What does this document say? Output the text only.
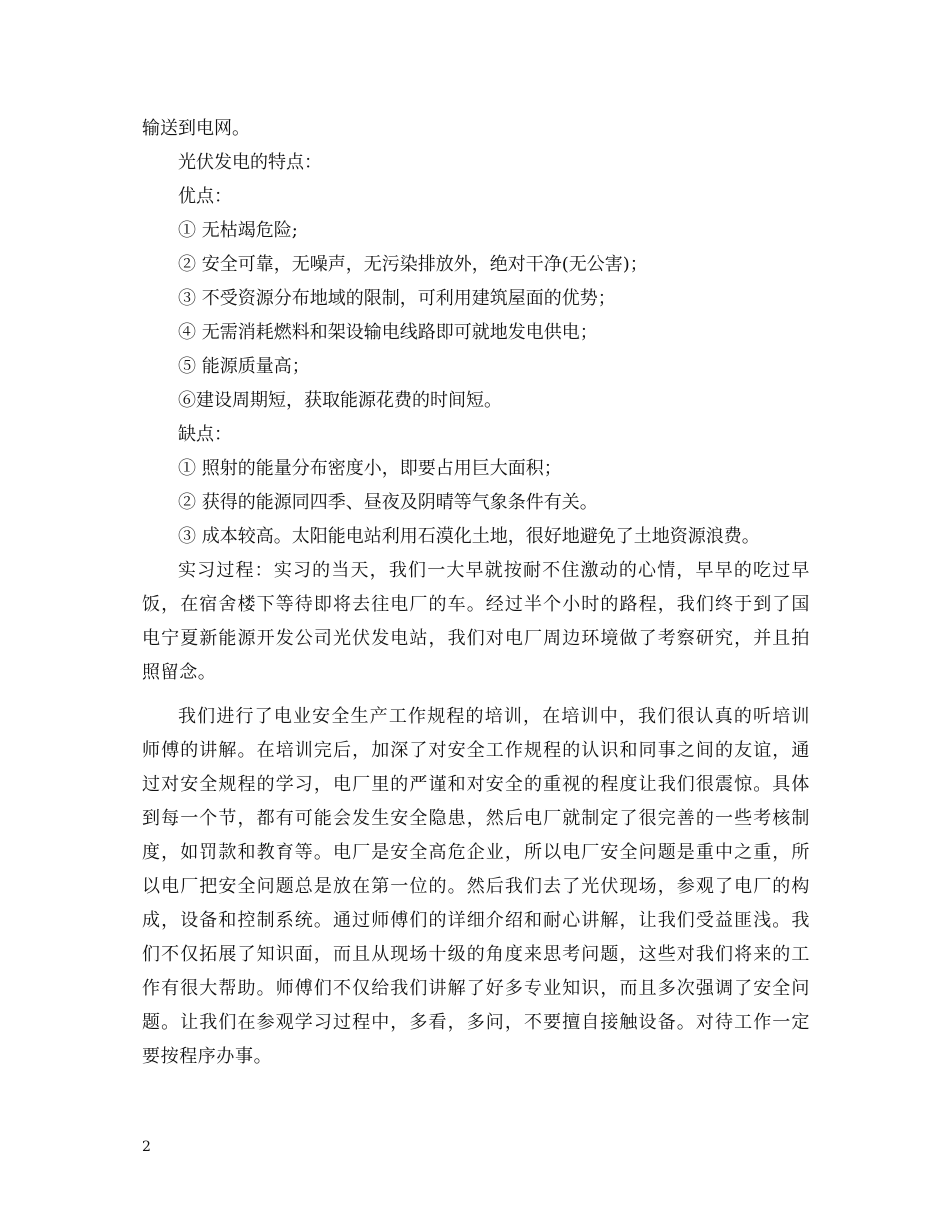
输送到电网。

光伏发电的特点：

优点：

① 无枯竭危险;

② 安全可靠，无噪声，无污染排放外，绝对干净(无公害)；

③ 不受资源分布地域的限制，可利用建筑屋面的优势；

④ 无需消耗燃料和架设输电线路即可就地发电供电；

⑤ 能源质量高；

⑥建设周期短，获取能源花费的时间短。

缺点：

① 照射的能量分布密度小，即要占用巨大面积；

② 获得的能源同四季、昼夜及阴晴等气象条件有关。

③ 成本较高。太阳能电站利用石漠化土地，很好地避免了土地资源浪费。

实习过程：实习的当天，我们一大早就按耐不住激动的心情，早早的吃过早饭，在宿舍楼下等待即将去往电厂的车。经过半个小时的路程，我们终于到了国电宁夏新能源开发公司光伏发电站，我们对电厂周边环境做了考察研究，并且拍照留念。

我们进行了电业安全生产工作规程的培训，在培训中，我们很认真的听培训师傅的讲解。在培训完后，加深了对安全工作规程的认识和同事之间的友谊，通过对安全规程的学习，电厂里的严谨和对安全的重视的程度让我们很震惊。具体到每一个节，都有可能会发生安全隐患，然后电厂就制定了很完善的一些考核制度，如罚款和教育等。电厂是安全高危企业，所以电厂安全问题是重中之重，所以电厂把安全问题总是放在第一位的。然后我们去了光伏现场，参观了电厂的构成，设备和控制系统。通过师傅们的详细介绍和耐心讲解，让我们受益匪浅。我们不仅拓展了知识面，而且从现场十级的角度来思考问题，这些对我们将来的工作有很大帮助。师傅们不仅给我们讲解了好多专业知识，而且多次强调了安全问题。让我们在参观学习过程中，多看，多问，不要擅自接触设备。对待工作一定要按程序办事。

2
